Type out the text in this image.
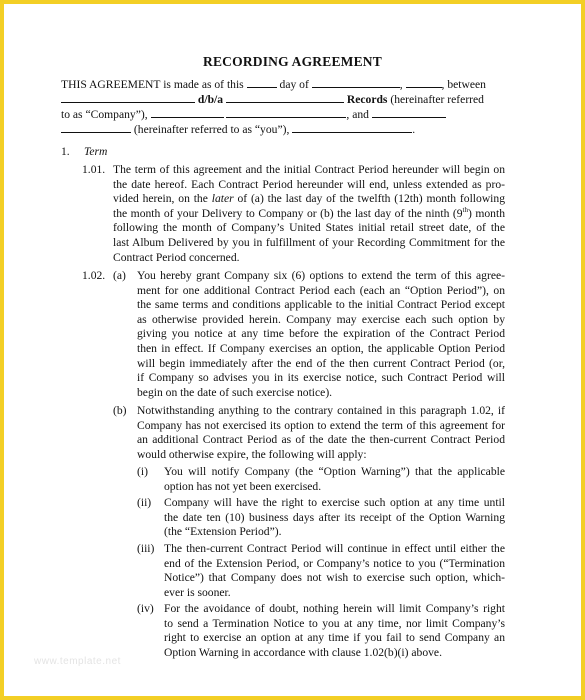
RECORDING AGREEMENT
THIS AGREEMENT is made as of this	day of	,	, between
d/b/a	Records (hereinafter referred
to as “Company”),	, and
(hereinafter referred to as “you”),	.
1. Term
1.01. The term of this agreement and the initial Contract Period hereunder will begin on
the date hereof. Each Contract Period hereunder will end, unless extended as pro-
vided herein, on the later of (a) the last day of the twelfth (12th) month following
the month of your Delivery to Company or (b) the last day of the ninth (9th) month
following the month of Company’s United States initial retail street date, of the
last Album Delivered by you in fulfillment of your Recording Commitment for the
Contract Period concerned.
1.02. (a) You hereby grant Company six (6) options to extend the term of this agree-
ment for one additional Contract Period each (each an “Option Period”), on
the same terms and conditions applicable to the initial Contract Period except
as otherwise provided herein. Company may exercise each such option by
giving you notice at any time before the expiration of the Contract Period
then in effect. If Company exercises an option, the applicable Option Period
will begin immediately after the end of the then current Contract Period (or,
if Company so advises you in its exercise notice, such Contract Period will
begin on the date of such exercise notice).
(b) Notwithstanding anything to the contrary contained in this paragraph 1.02, if
Company has not exercised its option to extend the term of this agreement for
an additional Contract Period as of the date the then-current Contract Period
would otherwise expire, the following will apply:
(i) You will notify Company (the “Option Warning”) that the applicable
option has not yet been exercised.
(ii) Company will have the right to exercise such option at any time until
the date ten (10) business days after its receipt of the Option Warning
(the “Extension Period”).
(iii) The then-current Contract Period will continue in effect until either the
end of the Extension Period, or Company’s notice to you (“Termination
Notice”) that Company does not wish to exercise such option, which-
ever is sooner.
(iv) For the avoidance of doubt, nothing herein will limit Company’s right
to send a Termination Notice to you at any time, nor limit Company’s
right to exercise an option at any time if you fail to send Company an
Option Warning in accordance with clause 1.02(b)(i) above.
www.template.net
